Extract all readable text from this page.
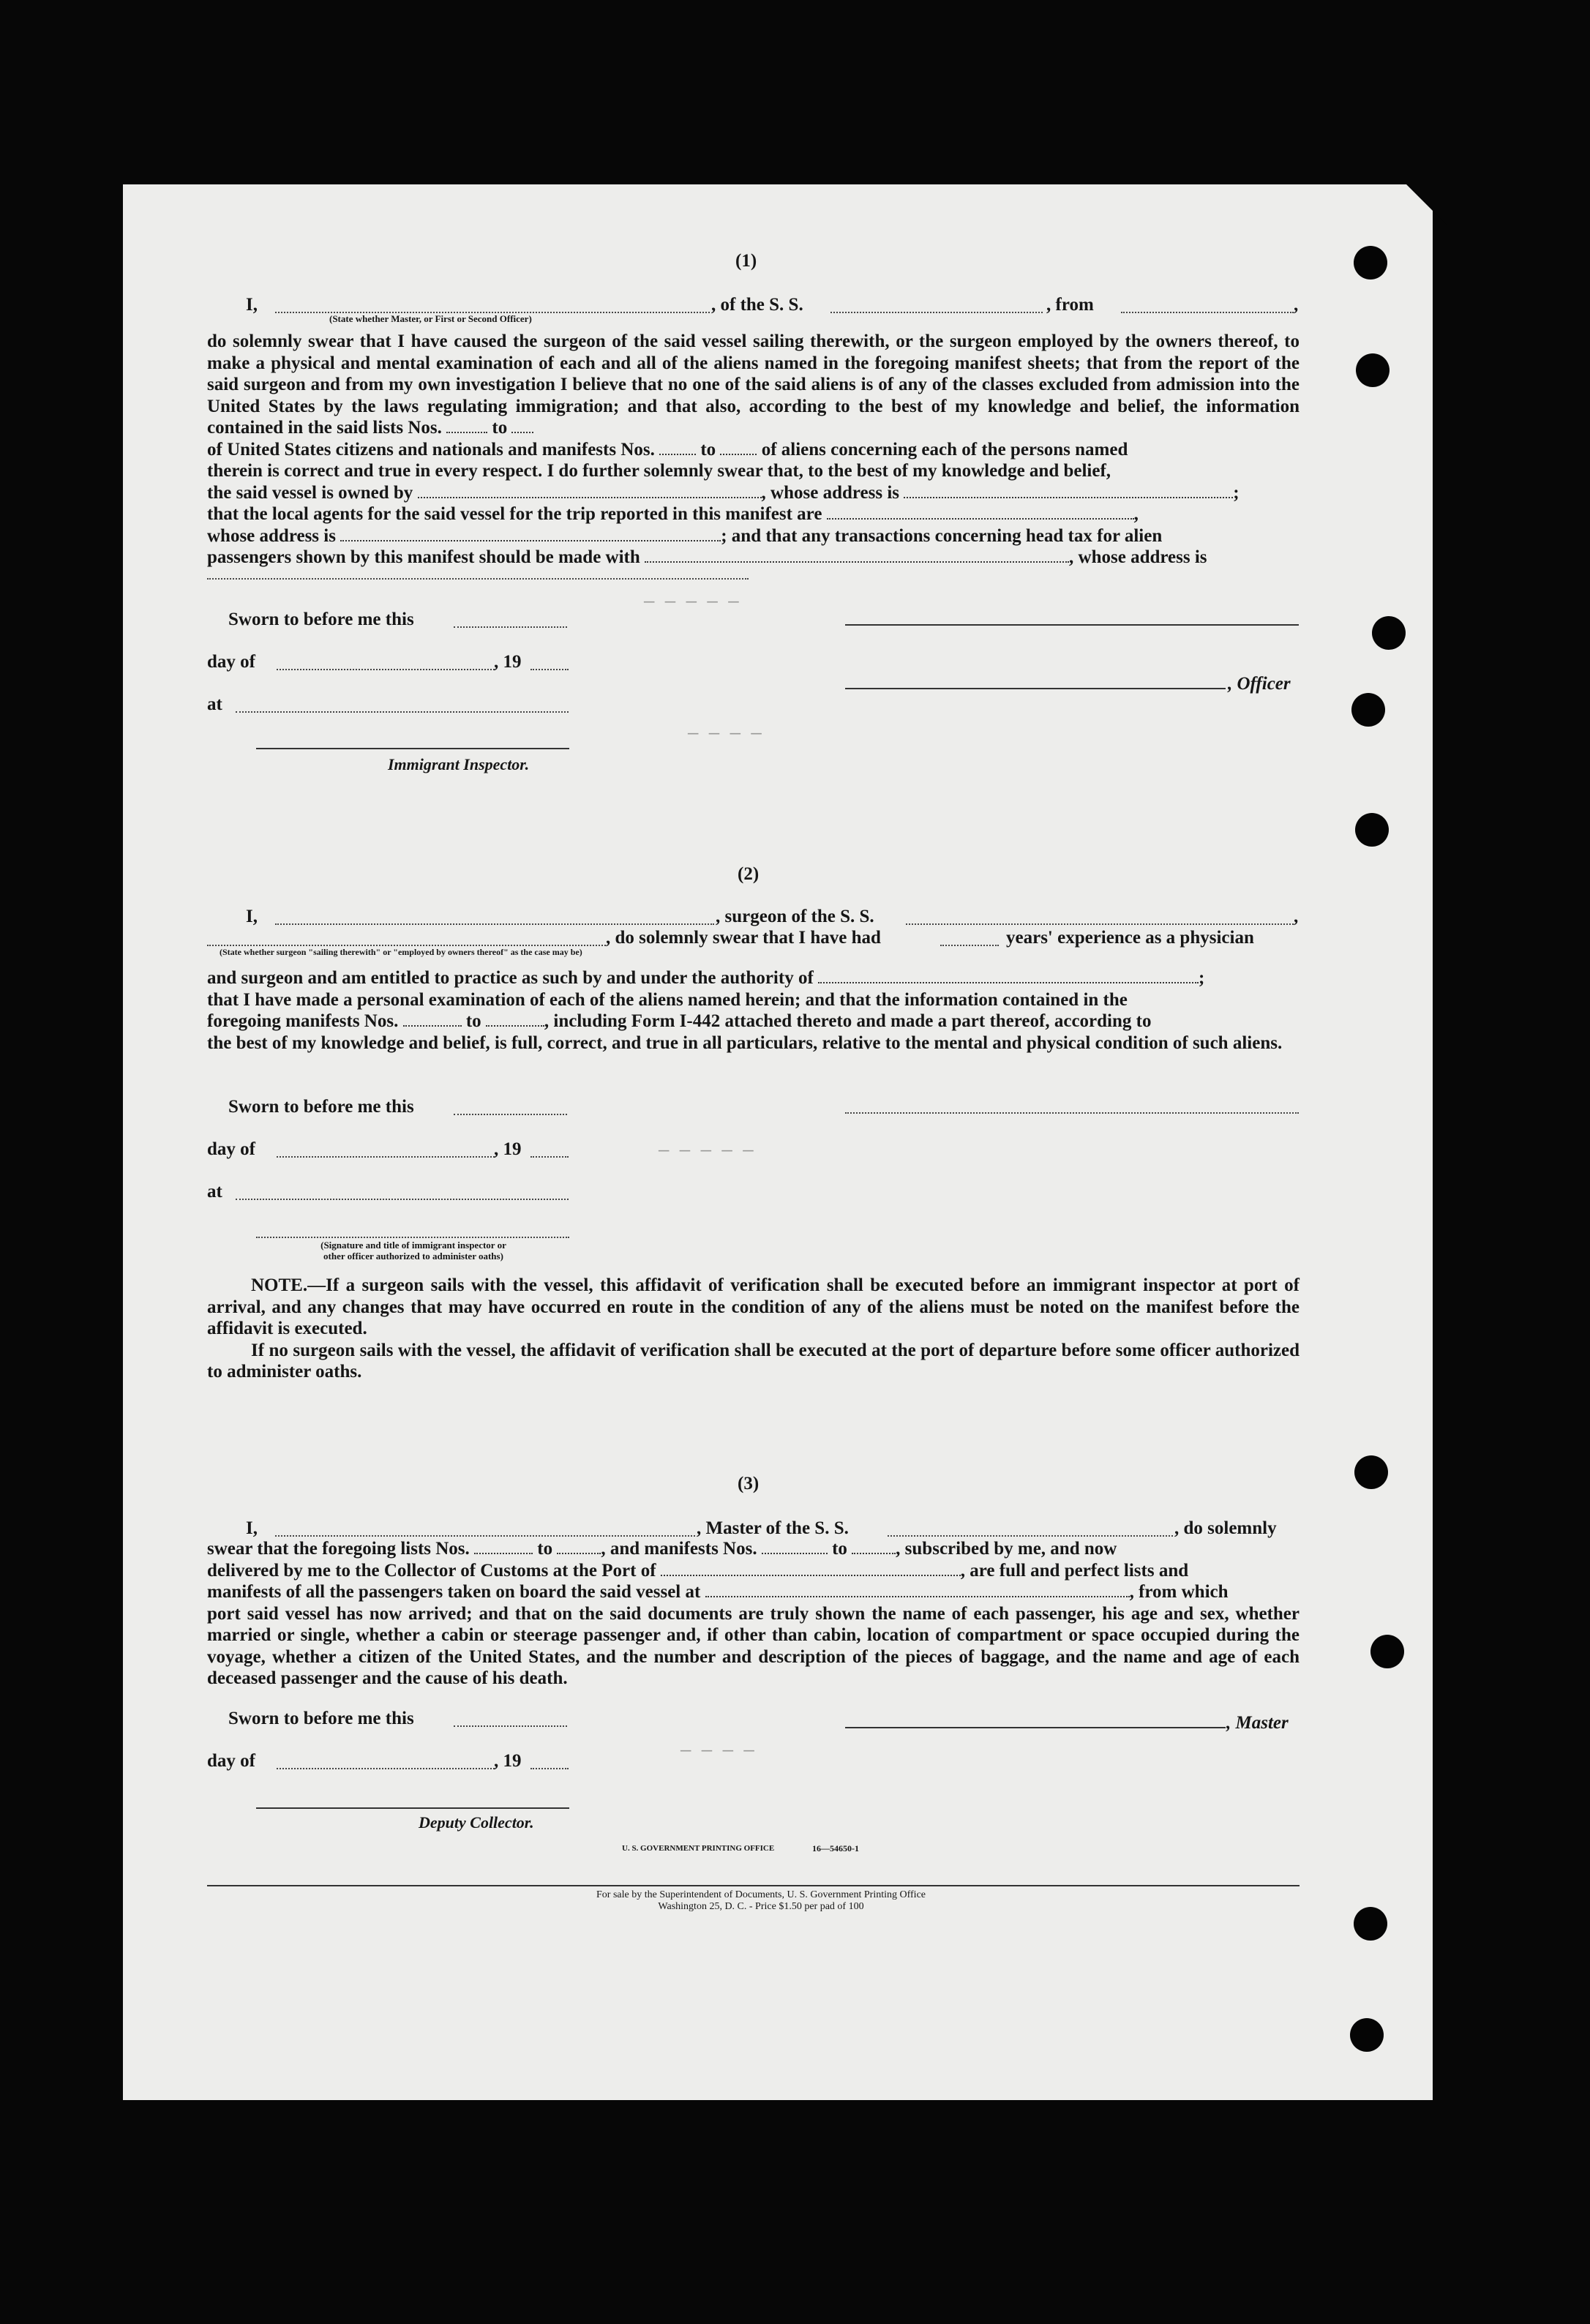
— — — — —
— — — —
— — — — —
— — — —
(1)
I,
(State whether Master, or First or Second Officer)
, of the S. S.	, from	,
do solemnly swear that I have caused the surgeon of the said vessel sailing therewith, or the surgeon employed by the owners thereof, to make a physical and mental examination of each and all of the aliens named in the foregoing manifest sheets; that from the report of the said surgeon and from my own investigation I believe that no one of the said aliens is of any of the classes excluded from admission into the United States by the laws regulating immigration; and that also, according to the best of my knowledge and belief, the information contained in the said lists Nos.	to
of United States citizens and nationals and manifests Nos.	to	of aliens concerning each of the persons named
therein is correct and true in every respect. I do further solemnly swear that, to the best of my knowledge and belief,
the said vessel is owned by	, whose address is	;
that the local agents for the said vessel for the trip reported in this manifest are	,
whose address is	; and that any transactions concerning head tax for alien
passengers shown by this manifest should be made with	, whose address is
Sworn to before me this
day of	, 19
, Officer
at
Immigrant Inspector.
(2)
I,	, surgeon of the S. S.	,
, do solemnly swear that I have had	years' experience as a physician
(State whether surgeon "sailing therewith" or "employed by owners thereof" as the case may be)
and surgeon and am entitled to practice as such by and under the authority of	;
that I have made a personal examination of each of the aliens named herein; and that the information contained in the
foregoing manifests Nos.	to	, including Form I-442 attached thereto and made a part thereof, according to
the best of my knowledge and belief, is full, correct, and true in all particulars, relative to the mental and physical condition of such aliens.
Sworn to before me this
day of	, 19
at
(Signature and title of immigrant inspector or
other officer authorized to administer oaths)
NOTE.—If a surgeon sails with the vessel, this affidavit of verification shall be executed before an immigrant inspector at port of arrival, and any changes that may have occurred en route in the condition of any of the aliens must be noted on the manifest before the affidavit is executed.
If no surgeon sails with the vessel, the affidavit of verification shall be executed at the port of departure before some officer authorized to administer oaths.
(3)
I,	, Master of the S. S.	, do solemnly
swear that the foregoing lists Nos.	to	, and manifests Nos.	to	, subscribed by me, and now
delivered by me to the Collector of Customs at the Port of	, are full and perfect lists and
manifests of all the passengers taken on board the said vessel at	, from which
port said vessel has now arrived; and that on the said documents are truly shown the name of each passenger, his age and sex, whether married or single, whether a cabin or steerage passenger and, if other than cabin, location of compartment or space occupied during the voyage, whether a citizen of the United States, and the number and description of the pieces of baggage, and the name and age of each deceased passenger and the cause of his death.
Sworn to before me this	, Master
day of	, 19
Deputy Collector.
U. S. GOVERNMENT PRINTING OFFICE	16—54650-1
For sale by the Superintendent of Documents, U. S. Government Printing Office
Washington 25, D. C. - Price $1.50 per pad of 100
